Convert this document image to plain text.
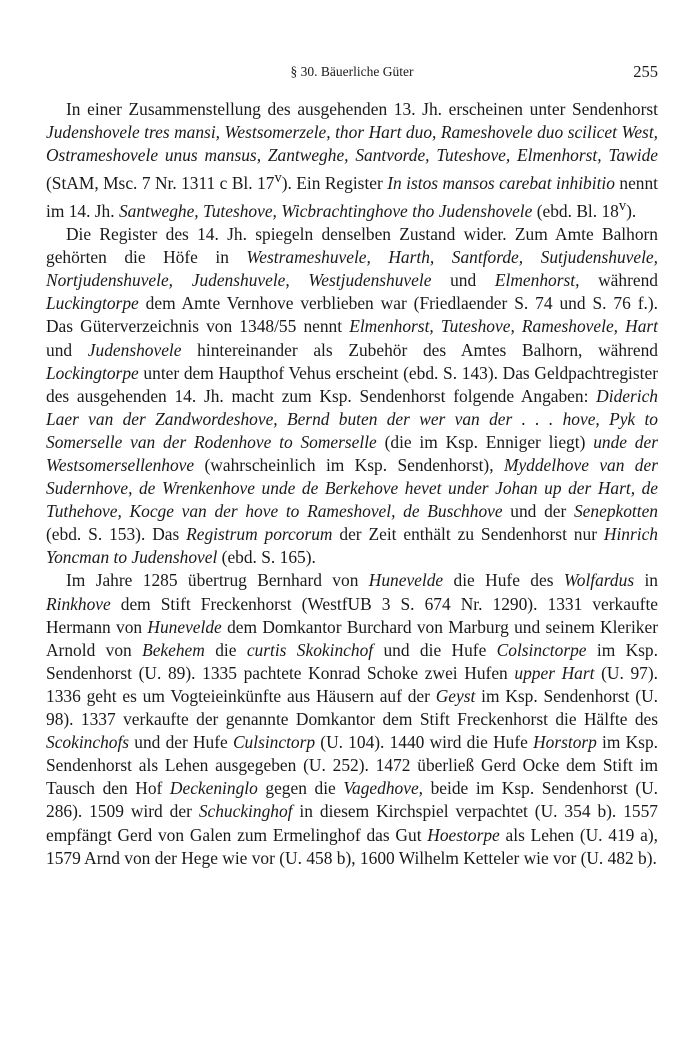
§ 30. Bäuerliche Güter	255

In einer Zusammenstellung des ausgehenden 13. Jh. erscheinen unter Sendenhorst Judenshovele tres mansi, Westsomerzele, thor Hart duo, Rameshovele duo scilicet West, Ostrameshovele unus mansus, Zantweghe, Santvorde, Tuteshove, Elmenhorst, Tawide (StAM, Msc. 7 Nr. 1311 c Bl. 17$^v$). Ein Register In istos mansos carebat inhibitio nennt im 14. Jh. Santweghe, Tuteshove, Wicbrachtinghove tho Judenshovele (ebd. Bl. 18$^v$).

Die Register des 14. Jh. spiegeln denselben Zustand wider. Zum Amte Balhorn gehörten die Höfe in Westrameshuvele, Harth, Santforde, Sutjudenshuvele, Nortjudenshuvele, Judenshuvele, Westjudenshuvele und Elmenhorst, während Luckingtorpe dem Amte Vernhove verblieben war (Friedlaender S. 74 und S. 76 f.). Das Güterverzeichnis von 1348/55 nennt Elmenhorst, Tuteshove, Rameshovele, Hart und Judenshovele hintereinander als Zubehör des Amtes Balhorn, während Lockingtorpe unter dem Haupthof Vehus erscheint (ebd. S. 143). Das Geldpachtregister des ausgehenden 14. Jh. macht zum Ksp. Sendenhorst folgende Angaben: Diderich Laer van der Zandwordeshove, Bernd buten der wer van der . . . hove, Pyk to Somerselle van der Rodenhove to Somerselle (die im Ksp. Enniger liegt) unde der Westsomersellenhove (wahrscheinlich im Ksp. Sendenhorst), Myddelhove van der Sudernhove, de Wrenkenhove unde de Berkehove hevet under Johan up der Hart, de Tuthehove, Kocge van der hove to Rameshovel, de Buschhove und der Senepkotten (ebd. S. 153). Das Registrum porcorum der Zeit enthält zu Sendenhorst nur Hinrich Yoncman to Judenshovel (ebd. S. 165).

Im Jahre 1285 übertrug Bernhard von Hunevelde die Hufe des Wolfardus in Rinkhove dem Stift Freckenhorst (WestfUB 3 S. 674 Nr. 1290). 1331 verkaufte Hermann von Hunevelde dem Domkantor Burchard von Marburg und seinem Kleriker Arnold von Bekehem die curtis Skokinchof und die Hufe Colsinctorpe im Ksp. Sendenhorst (U. 89). 1335 pachtete Konrad Schoke zwei Hufen upper Hart (U. 97). 1336 geht es um Vogteieinkünfte aus Häusern auf der Geyst im Ksp. Sendenhorst (U. 98). 1337 verkaufte der genannte Domkantor dem Stift Freckenhorst die Hälfte des Scokinchofs und der Hufe Culsinctorp (U. 104). 1440 wird die Hufe Horstorp im Ksp. Sendenhorst als Lehen ausgegeben (U. 252). 1472 überließ Gerd Ocke dem Stift im Tausch den Hof Deckeninglo gegen die Vagedhove, beide im Ksp. Sendenhorst (U. 286). 1509 wird der Schuckinghof in diesem Kirchspiel verpachtet (U. 354 b). 1557 empfängt Gerd von Galen zum Ermelinghof das Gut Hoestorpe als Lehen (U. 419 a), 1579 Arnd von der Hege wie vor (U. 458 b), 1600 Wilhelm Ketteler wie vor (U. 482 b).
